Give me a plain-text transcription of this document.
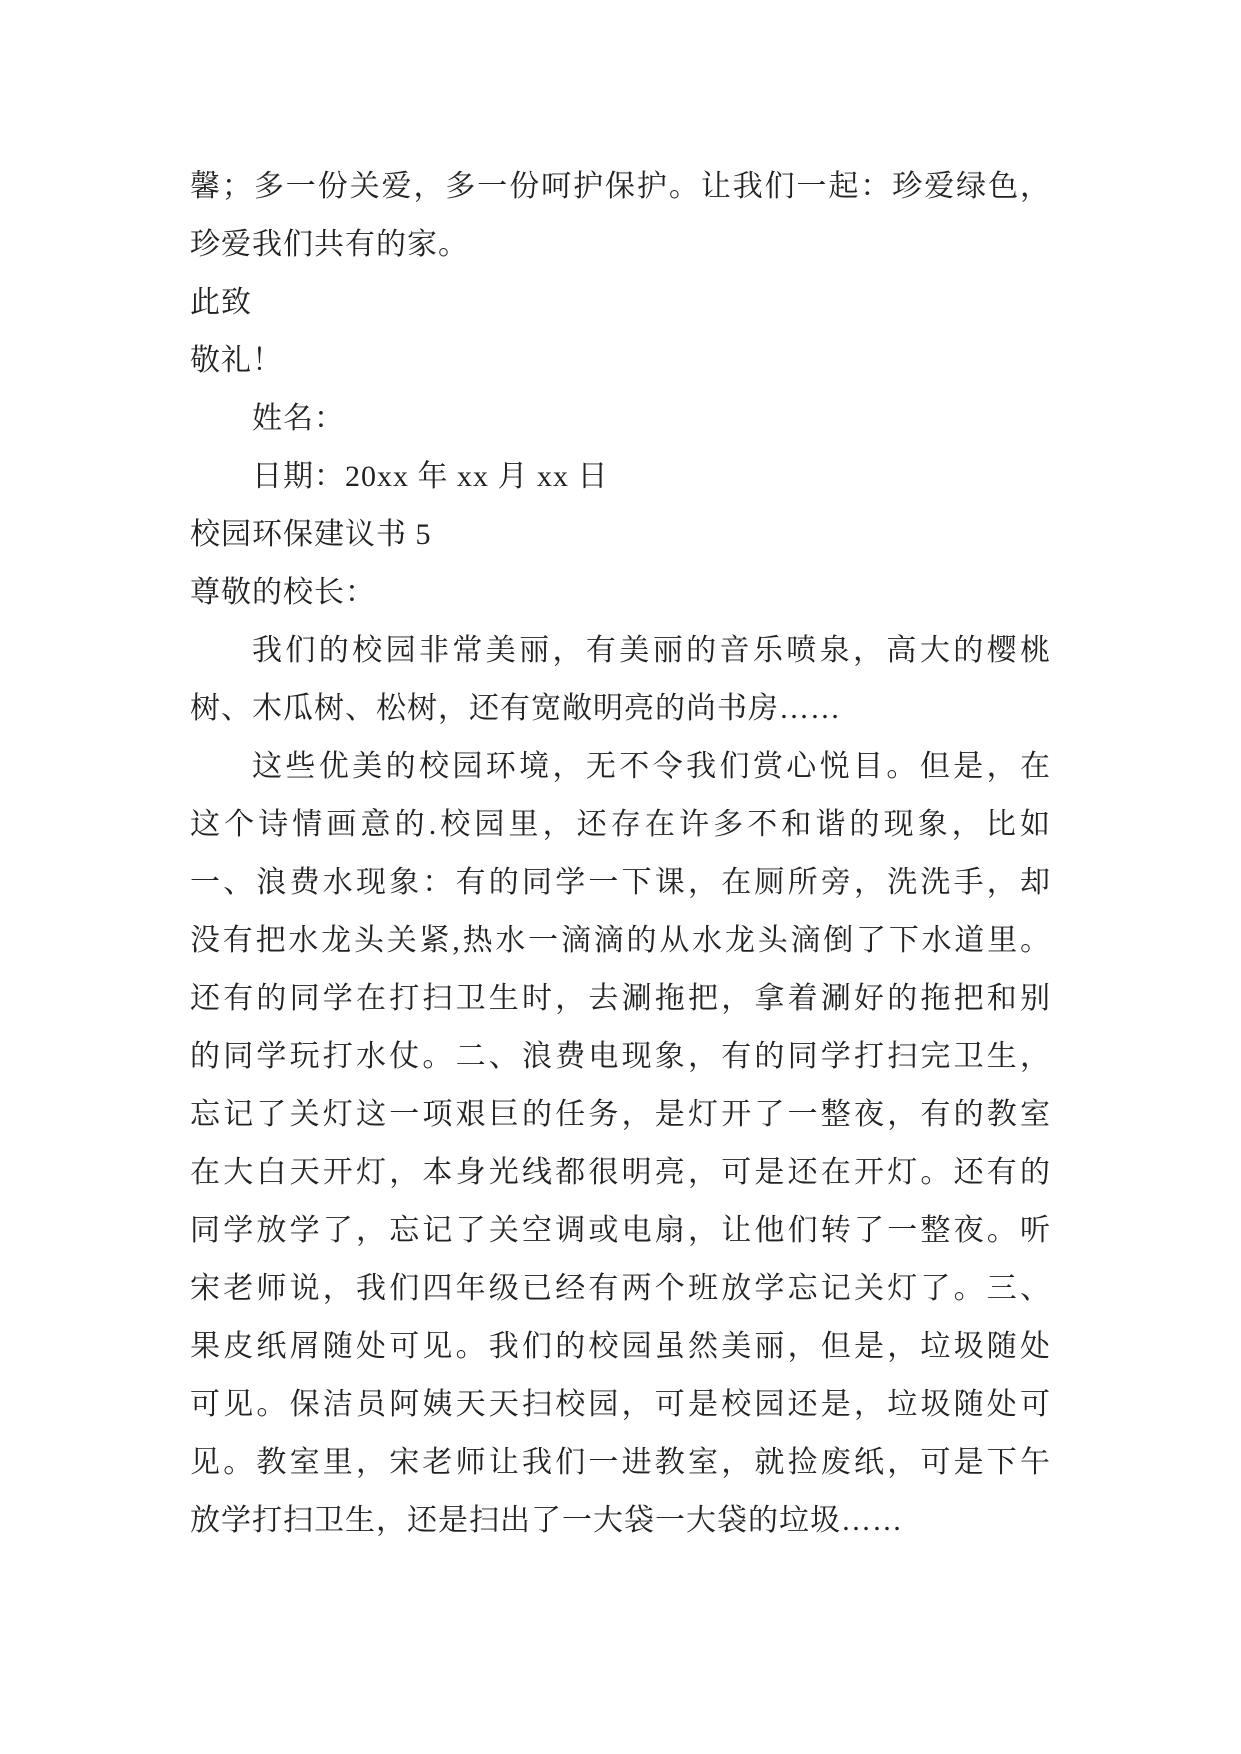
馨；多一份关爱，多一份呵护保护。让我们一起：珍爱绿色，
珍爱我们共有的家。
此致
敬礼！
姓名：
日期：20xx 年 xx 月 xx 日
校园环保建议书 5
尊敬的校长：
我们的校园非常美丽，有美丽的音乐喷泉，高大的樱桃
树、木瓜树、松树，还有宽敞明亮的尚书房……
这些优美的校园环境，无不令我们赏心悦目。但是，在
这个诗情画意的.校园里，还存在许多不和谐的现象，比如
一、浪费水现象：有的同学一下课，在厕所旁，洗洗手，却
没有把水龙头关紧,热水一滴滴的从水龙头滴倒了下水道里。
还有的同学在打扫卫生时，去涮拖把，拿着涮好的拖把和别
的同学玩打水仗。二、浪费电现象，有的同学打扫完卫生，
忘记了关灯这一项艰巨的任务，是灯开了一整夜，有的教室
在大白天开灯，本身光线都很明亮，可是还在开灯。还有的
同学放学了，忘记了关空调或电扇，让他们转了一整夜。听
宋老师说，我们四年级已经有两个班放学忘记关灯了。三、
果皮纸屑随处可见。我们的校园虽然美丽，但是，垃圾随处
可见。保洁员阿姨天天扫校园，可是校园还是，垃圾随处可
见。教室里，宋老师让我们一进教室，就捡废纸，可是下午
放学打扫卫生，还是扫出了一大袋一大袋的垃圾……
